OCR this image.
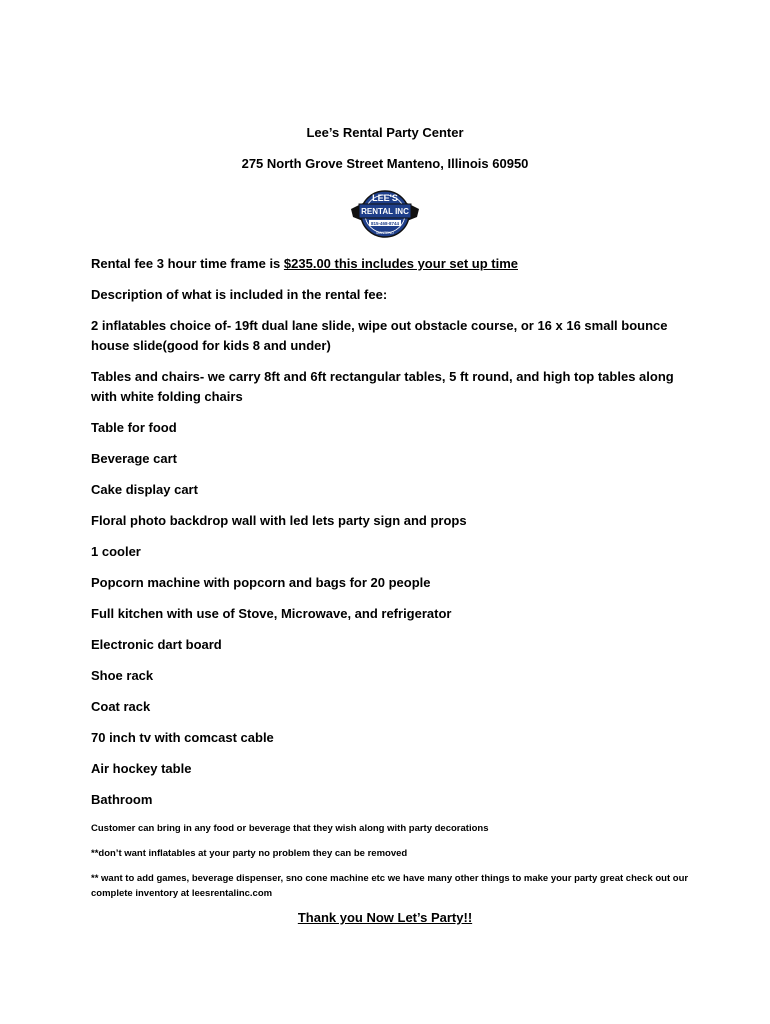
Lee’s Rental Party Center
275 North Grove Street Manteno, Illinois 60950
LEE'S
RENTAL INC
815-468-8744
MANTENO
Rental fee 3 hour time frame is $235.00 this includes your set up time
Description of what is included in the rental fee:
2 inflatables choice of- 19ft dual lane slide, wipe out obstacle course, or 16 x 16 small bounce house slide(good for kids 8 and under)
Tables and chairs- we carry 8ft and 6ft rectangular tables, 5 ft round, and high top tables along with white folding chairs
Table for food
Beverage cart
Cake display cart
Floral photo backdrop wall with led lets party sign and props
1 cooler
Popcorn machine with popcorn and bags for 20 people
Full kitchen with use of Stove, Microwave, and refrigerator
Electronic dart board
Shoe rack
Coat rack
70 inch tv with comcast cable
Air hockey table
Bathroom
Customer can bring in any food or beverage that they wish along with party decorations
**don’t want inflatables at your party no problem they can be removed
** want to add games, beverage dispenser, sno cone machine etc we have many other things to make your party great check out our complete inventory at leesrentalinc.com
Thank you Now Let’s Party!!
